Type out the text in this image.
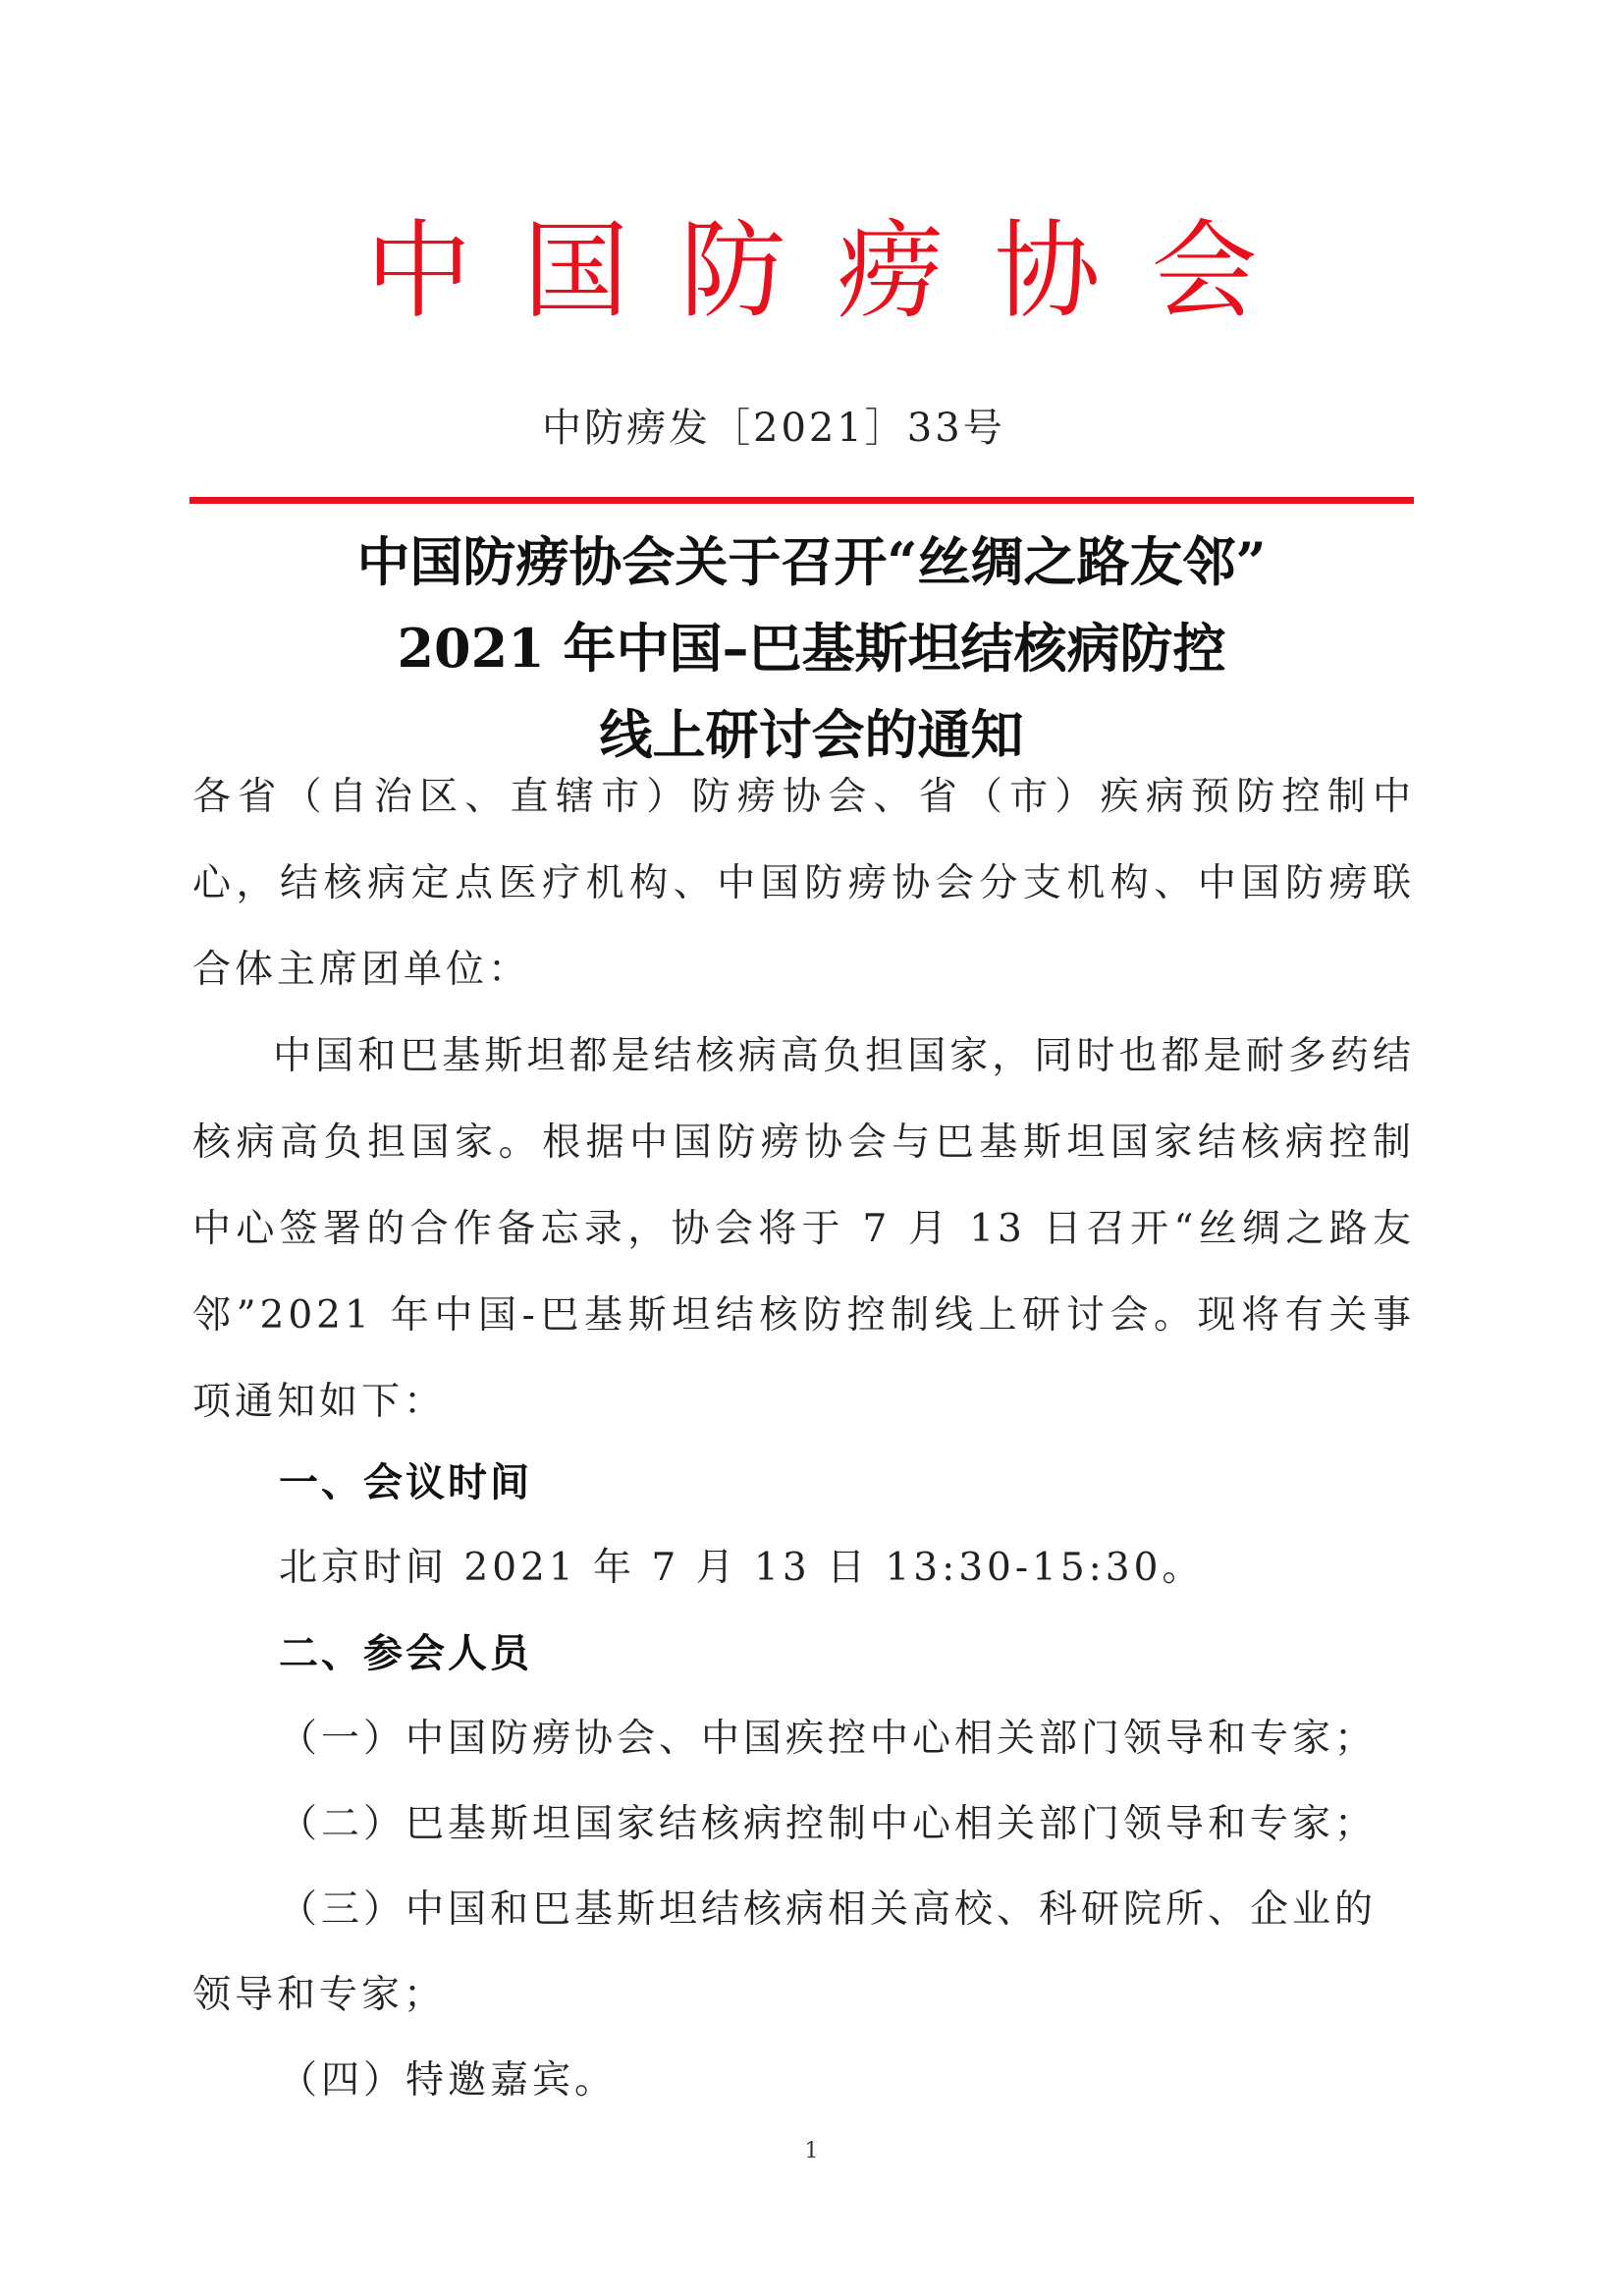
中国防痨协会
中防痨发［2021］33号
中国防痨协会关于召开“丝绸之路友邻”
2021 年中国–巴基斯坦结核病防控
线上研讨会的通知
各省（自治区、直辖市）防痨协会、省（市）疾病预防控制中心，结核病定点医疗机构、中国防痨协会分支机构、中国防痨联合体主席团单位：
中国和巴基斯坦都是结核病高负担国家，同时也都是耐多药结核病高负担国家。根据中国防痨协会与巴基斯坦国家结核病控制中心签署的合作备忘录，协会将于 7 月 13 日召开“丝绸之路友邻”2021 年中国-巴基斯坦结核防控制线上研讨会。现将有关事项通知如下：
一、会议时间
北京时间 2021 年 7 月 13 日 13:30-15:30。
二、参会人员
（一）中国防痨协会、中国疾控中心相关部门领导和专家；
（二）巴基斯坦国家结核病控制中心相关部门领导和专家；
（三）中国和巴基斯坦结核病相关高校、科研院所、企业的
领导和专家；
（四）特邀嘉宾。
1
